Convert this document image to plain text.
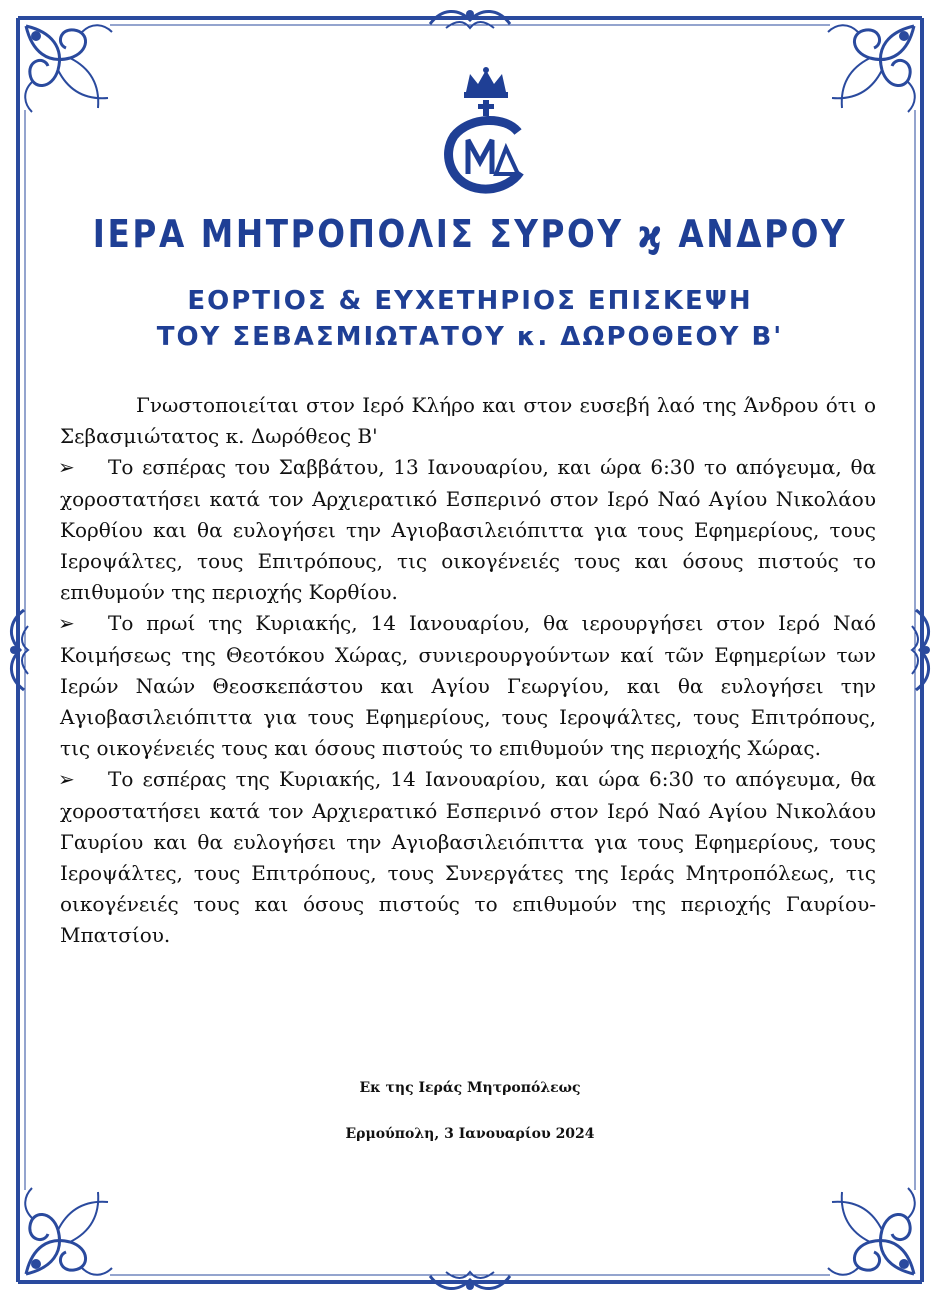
ΙΕΡΑ ΜΗΤΡΟΠΟΛΙΣ ΣΥΡΟΥ ϗ ΑΝΔΡΟΥ
ΕΟΡΤΙΟΣ & ΕΥΧΕΤΗΡΙΟΣ ΕΠΙΣΚΕΨΗ
ΤΟΥ ΣΕΒΑΣΜΙΩΤΑΤΟΥ κ. ΔΩΡΟΘΕΟΥ Β'

Γνωστοποιείται στον Ιερό Κλήρο και στον ευσεβή λαό της Άνδρου ότι ο Σεβασμιώτατος κ. Δωρόθεος Β'

➢ Το εσπέρας του Σαββάτου, 13 Ιανουαρίου, και ώρα 6:30 το απόγευμα, θα χοροστατήσει κατά τον Αρχιερατικό Εσπερινό στον Ιερό Ναό Αγίου Νικολάου Κορθίου και θα ευλογήσει την Αγιοβασιλειόπιττα για τους Εφημερίους, τους Ιεροψάλτες, τους Επιτρόπους, τις οικογένειές τους και όσους πιστούς το επιθυμούν της περιοχής Κορθίου.

➢ Το πρωί της Κυριακής, 14 Ιανουαρίου, θα ιερουργήσει στον Ιερό Ναό Κοιμήσεως της Θεοτόκου Χώρας, συνιερουργούντων καί τῶν Εφημερίων των Ιερών Ναών Θεοσκεπάστου και Αγίου Γεωργίου, και θα ευλογήσει την Αγιοβασιλειόπιττα για τους Εφημερίους, τους Ιεροψάλτες, τους Επιτρόπους, τις οικογένειές τους και όσους πιστούς το επιθυμούν της περιοχής Χώρας.

➢ Το εσπέρας της Κυριακής, 14 Ιανουαρίου, και ώρα 6:30 το απόγευμα, θα χοροστατήσει κατά τον Αρχιερατικό Εσπερινό στον Ιερό Ναό Αγίου Νικολάου Γαυρίου και θα ευλογήσει την Αγιοβασιλειόπιττα για τους Εφημερίους, τους Ιεροψάλτες, τους Επιτρόπους, τους Συνεργάτες της Ιεράς Μητροπόλεως, τις οικογένειές τους και όσους πιστούς το επιθυμούν της περιοχής Γαυρίου-Μπατσίου.

Εκ της Ιεράς Μητροπόλεως
Ερμούπολη, 3 Ιανουαρίου 2024
